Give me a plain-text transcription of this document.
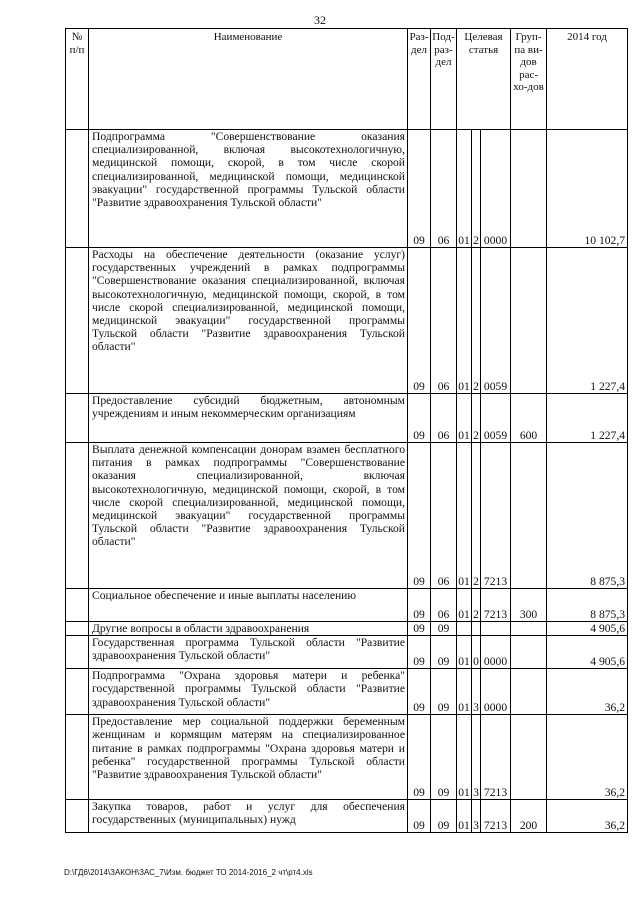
32
№ п/п	Наименование	Раз-дел	Под-раз-дел	Целевая статья			Груп-па ви-дов рас-хо-дов	2014 год
	Подпрограмма "Совершенствование оказания специализированной, включая высокотехнологичную, медицинской помощи, скорой, в том числе скорой специализированной, медицинской помощи, медицинской эвакуации" государственной программы Тульской области "Развитие здравоохранения Тульской области"	09	06	01	2	0000		10 102,7
	Расходы на обеспечение деятельности (оказание услуг) государственных учреждений в рамках подпрограммы "Совершенствование оказания специализированной, включая высокотехнологичную, медицинской помощи, скорой, в том числе скорой специализированной, медицинской помощи, медицинской эвакуации" государственной программы Тульской области "Развитие здравоохранения Тульской области"	09	06	01	2	0059		1 227,4
	Предоставление субсидий бюджетным, автономным учреждениям и иным некоммерческим организациям	09	06	01	2	0059	600	1 227,4
	Выплата денежной компенсации донорам взамен бесплатного питания в рамках подпрограммы "Совершенствование оказания специализированной, включая высокотехнологичную, медицинской помощи, скорой, в том числе скорой специализированной, медицинской помощи, медицинской эвакуации" государственной программы Тульской области "Развитие здравоохранения Тульской области"	09	06	01	2	7213		8 875,3
	Социальное обеспечение и иные выплаты населению	09	06	01	2	7213	300	8 875,3
	Другие вопросы в области здравоохранения	09	09					4 905,6
	Государственная программа Тульской области "Развитие здравоохранения Тульской области"	09	09	01	0	0000		4 905,6
	Подпрограмма "Охрана здоровья матери и ребенка" государственной программы Тульской области "Развитие здравоохранения Тульской области"	09	09	01	3	0000		36,2
	Предоставление мер социальной поддержки беременным женщинам и кормящим матерям на специализированное питание в рамках подпрограммы "Охрана здоровья матери и ребенка" государственной программы Тульской области "Развитие здравоохранения Тульской области"	09	09	01	3	7213		36,2
	Закупка товаров, работ и услуг для обеспечения государственных (муниципальных) нужд	09	09	01	3	7213	200	36,2
D:\ГД6\2014\ЗАКОН\ЗАС_7\Изм. бюджет ТО 2014-2016_2 чт\рт4.xls
